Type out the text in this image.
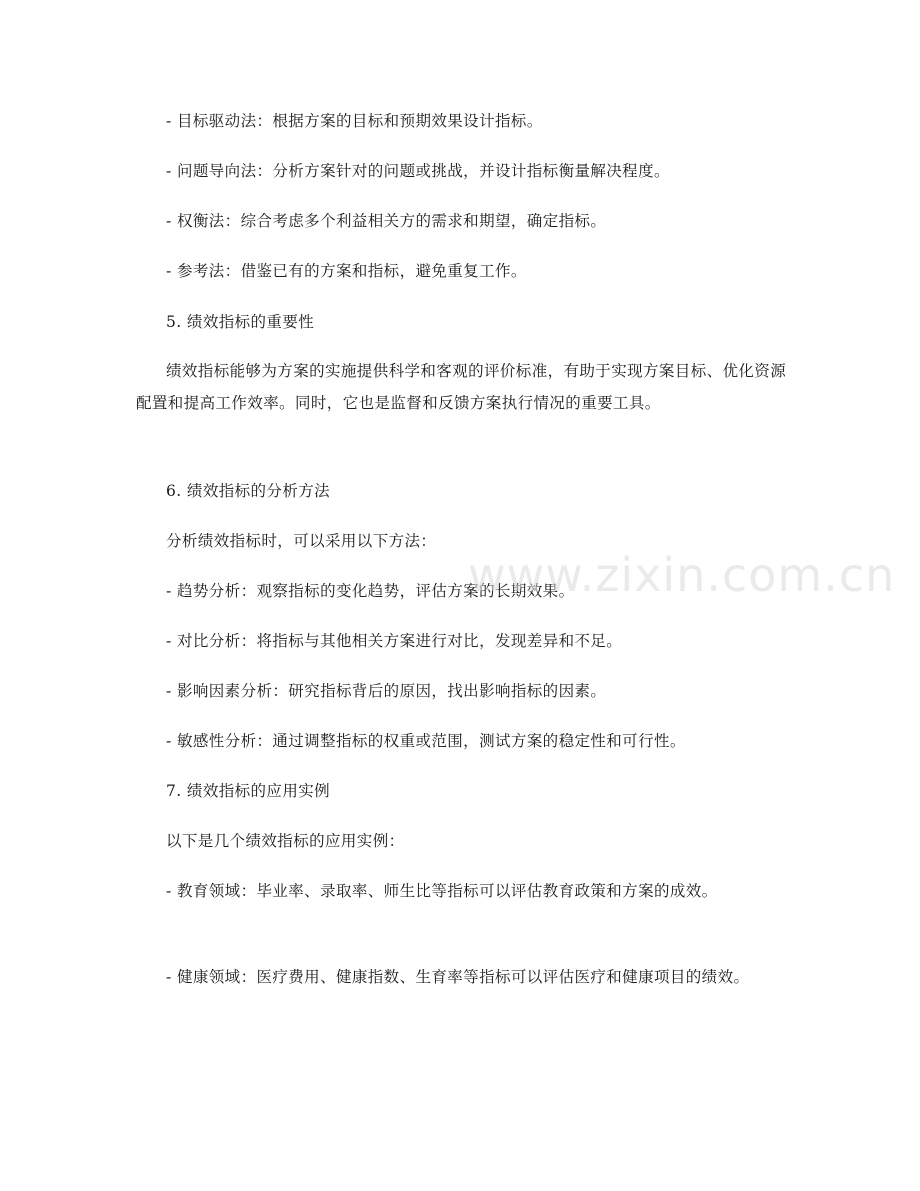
- 目标驱动法：根据方案的目标和预期效果设计指标。
- 问题导向法：分析方案针对的问题或挑战，并设计指标衡量解决程度。
- 权衡法：综合考虑多个利益相关方的需求和期望，确定指标。
- 参考法：借鉴已有的方案和指标，避免重复工作。
5. 绩效指标的重要性
绩效指标能够为方案的实施提供科学和客观的评价标准，有助于实现方案目标、优化资源配置和提高工作效率。同时，它也是监督和反馈方案执行情况的重要工具。
6. 绩效指标的分析方法
分析绩效指标时，可以采用以下方法：
- 趋势分析：观察指标的变化趋势，评估方案的长期效果。
- 对比分析：将指标与其他相关方案进行对比，发现差异和不足。
- 影响因素分析：研究指标背后的原因，找出影响指标的因素。
- 敏感性分析：通过调整指标的权重或范围，测试方案的稳定性和可行性。
7. 绩效指标的应用实例
以下是几个绩效指标的应用实例：
- 教育领域：毕业率、录取率、师生比等指标可以评估教育政策和方案的成效。
- 健康领域：医疗费用、健康指数、生育率等指标可以评估医疗和健康项目的绩效。
www.zixin.com.cn
